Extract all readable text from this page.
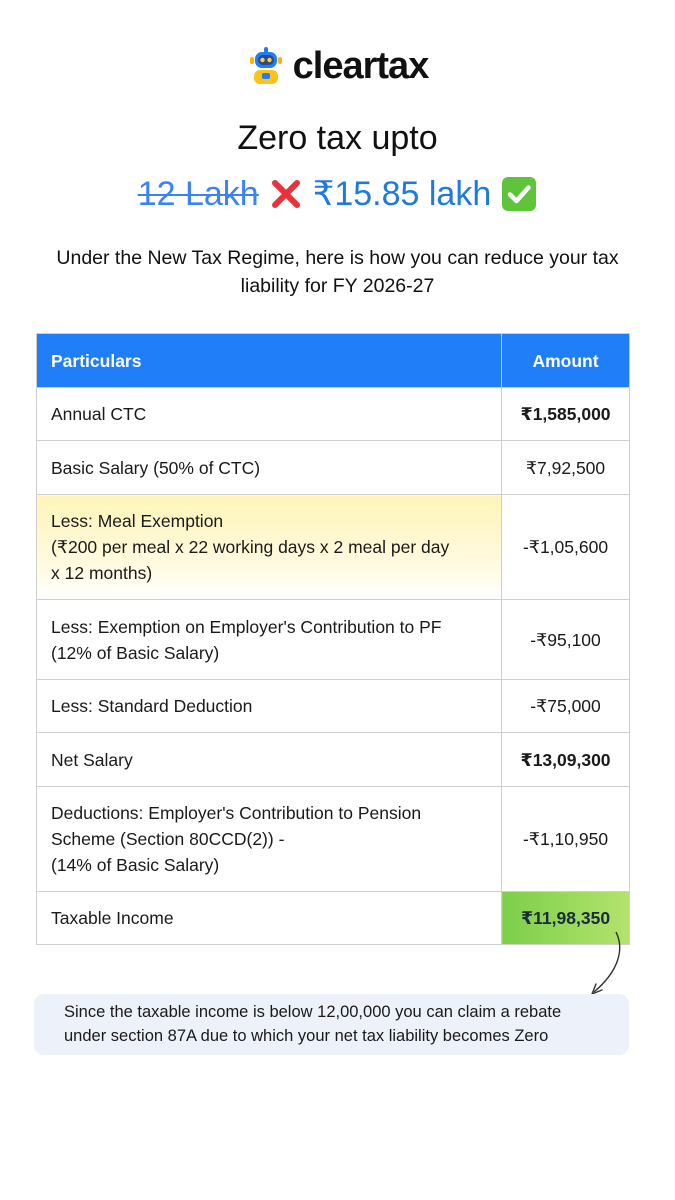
cleartax
Zero tax upto
12 Lakh ₹15.85 lakh
Under the New Tax Regime, here is how you can reduce your tax liability for FY 2026-27
Particulars	Amount

Annual CTC	₹1,585,000

Basic Salary (50% of CTC)	₹7,92,500

Less: Meal Exemption
(₹200 per meal x 22 working days x 2 meal per day
x 12 months)	-₹1,05,600

Less: Exemption on Employer's Contribution to PF
(12% of Basic Salary)	-₹95,100

Less: Standard Deduction	-₹75,000

Net Salary	₹13,09,300

Deductions: Employer's Contribution to Pension
Scheme (Section 80CCD(2)) -
(14% of Basic Salary)	-₹1,10,950

Taxable Income	₹11,98,350
Since the taxable income is below 12,00,000 you can claim a rebate under section 87A due to which your net tax liability becomes Zero
